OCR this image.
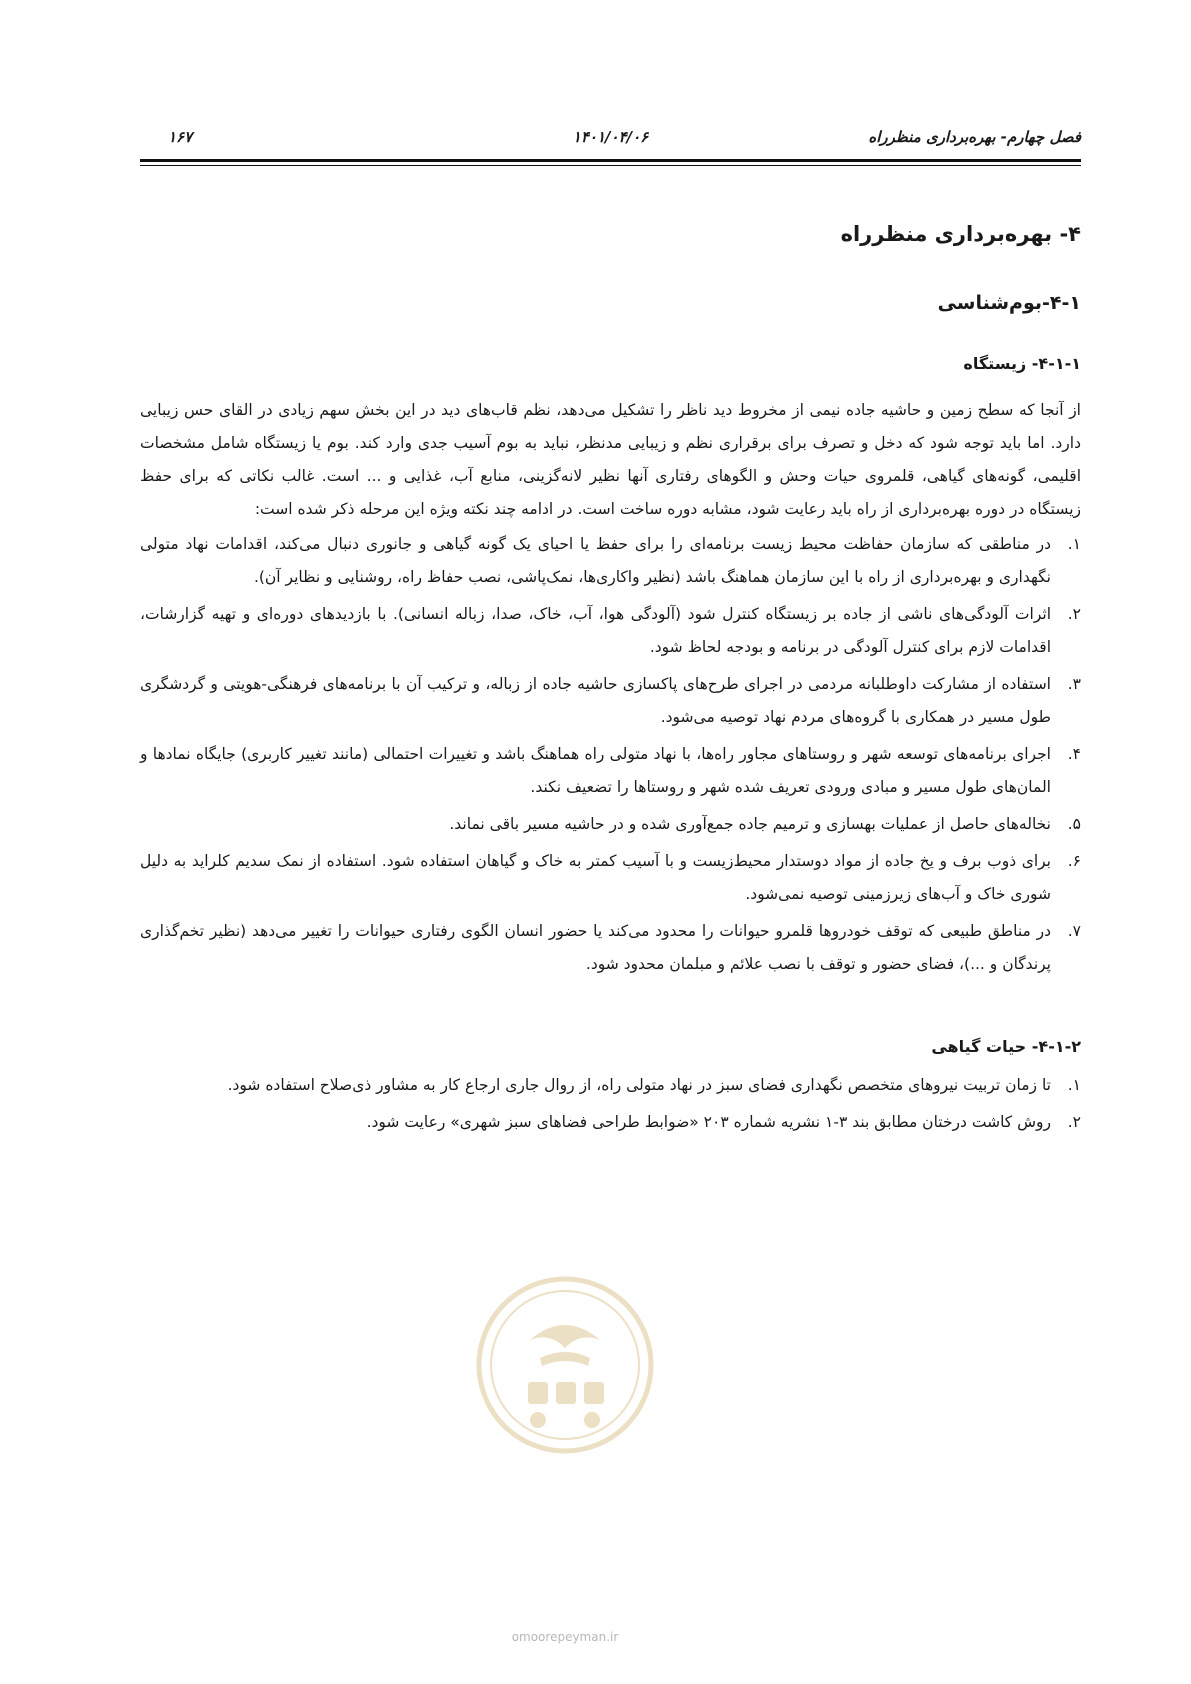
فصل چهارم- بهره‌برداری منظرراه
۱۴۰۱/۰۴/۰۶
۱۶۷
۴- بهره‌برداری منظرراه
۴-۱-بوم‌شناسی
۴-۱-۱- زیستگاه

از آنجا که سطح زمین و حاشیه جاده نیمی از مخروط دید ناظر را تشکیل می‌دهد، نظم قاب‌های دید در این بخش سهم زیادی در القای حس زیبایی دارد. اما باید توجه شود که دخل و تصرف برای برقراری نظم و زیبایی مدنظر، نباید به بوم آسیب جدی وارد کند. بوم یا زیستگاه شامل مشخصات اقلیمی، گونه‌های گیاهی، قلمروی حیات وحش و الگوهای رفتاری آنها نظیر لانه‌گزینی، منابع آب، غذایی و ... است. غالب نکاتی که برای حفظ زیستگاه در دوره بهره‌برداری از راه باید رعایت شود، مشابه دوره ساخت است. در ادامه چند نکته ویژه این مرحله ذکر شده است:

۱.
در مناطقی که سازمان حفاظت محیط زیست برنامه‌ای را برای حفظ یا احیای یک گونه گیاهی و جانوری دنبال می‌کند، اقدامات نهاد متولی نگهداری و بهره‌برداری از راه با این سازمان هماهنگ باشد (نظیر واکاری‌ها، نمک‌پاشی، نصب حفاظ راه، روشنایی و نظایر آن).
۲.
اثرات آلودگی‌های ناشی از جاده بر زیستگاه کنترل شود (آلودگی هوا، آب، خاک، صدا، زباله انسانی). با بازدیدهای دوره‌ای و تهیه گزارشات، اقدامات لازم برای کنترل آلودگی در برنامه و بودجه لحاظ شود.
۳.
استفاده از مشارکت داوطلبانه مردمی در اجرای طرح‌های پاکسازی حاشیه جاده از زباله، و ترکیب آن با برنامه‌های فرهنگی-هویتی و گردشگری طول مسیر در همکاری با گروه‌های مردم نهاد توصیه می‌شود.
۴.
اجرای برنامه‌های توسعه شهر و روستاهای مجاور راه‌ها، با نهاد متولی راه هماهنگ باشد و تغییرات احتمالی (مانند تغییر کاربری) جایگاه نمادها و المان‌های طول مسیر و مبادی ورودی تعریف شده شهر و روستاها را تضعیف نکند.
۵.
نخاله‌های حاصل از عملیات بهسازی و ترمیم جاده جمع‌آوری شده و در حاشیه مسیر باقی نماند.
۶.
برای ذوب برف و یخ جاده از مواد دوستدار محیط‌زیست و با آسیب کمتر به خاک و گیاهان استفاده شود. استفاده از نمک سدیم کلراید به دلیل شوری خاک و آب‌های زیرزمینی توصیه نمی‌شود.
۷.
در مناطق طبیعی که توقف خودروها قلمرو حیوانات را محدود می‌کند یا حضور انسان الگوی رفتاری حیوانات را تغییر می‌دهد (نظیر تخم‌گذاری پرندگان و ...)، فضای حضور و توقف با نصب علائم و مبلمان محدود شود.
۴-۱-۲- حیات گیاهی
۱.
تا زمان تربیت نیروهای متخصص نگهداری فضای سبز در نهاد متولی راه، از روال جاری ارجاع کار به مشاور ذی‌صلاح استفاده شود.
۲.
روش کاشت درختان مطابق بند ۳-۱ نشریه شماره ۲۰۳ «ضوابط طراحی فضاهای سبز شهری» رعایت شود.
omoorepeyman.ir
